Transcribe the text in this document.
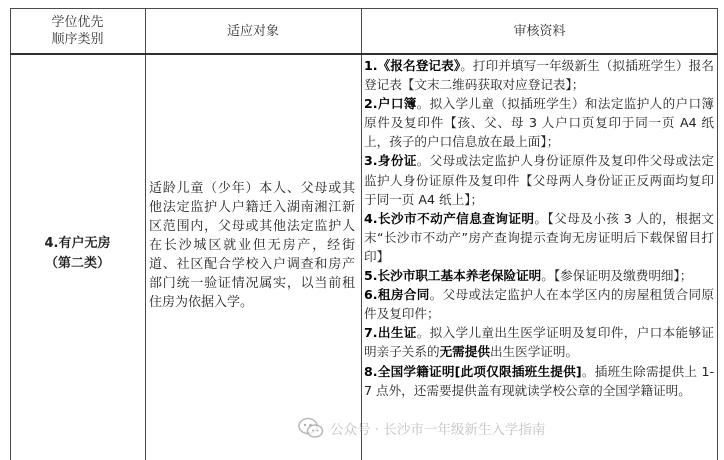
学位优先
顺序类别
适应对象	审核资料
4.有户无房
（第二类）
适龄儿童（少年）本人、父母或其他法定监护人户籍迁入湖南湘江新区范围内，父母或其他法定监护人在长沙城区就业但无房产，经街道、社区配合学校入户调查和房产部门统一验证情况属实，以当前租住房为依据入学。

1.《报名登记表》。打印并填写一年级新生（拟插班学生）报名登记表【文末二维码获取对应登记表】；

2.户口簿。拟入学儿童（拟插班学生）和法定监护人的户口簿原件及复印件【孩、父、母 3 人户口页复印于同一页 A4 纸上，孩子的户口信息放在最上面】；

3.身份证。父母或法定监护人身份证原件及复印件父母或法定监护人身份证原件及复印件【父母两人身份证正反两面均复印于同一页 A4 纸上】；

4.长沙市不动产信息查询证明。【父母及小孩 3 人的，根据文末“长沙市不动产”房产查询提示查询无房证明后下载保留目打印】

5.长沙市职工基本养老保险证明。【参保证明及缴费明细】；

6.租房合同。父母或法定监护人在本学区内的房屋租赁合同原件及复印件；

7.出生证。拟入学儿童出生医学证明及复印件，户口本能够证明亲子关系的无需提供出生医学证明。

8.全国学籍证明[此项仅限插班生提供]。插班生除需提供上 1-7 点外，还需要提供盖有现就读学校公章的全国学籍证明。

公众号 · 长沙市一年级新生入学指南
